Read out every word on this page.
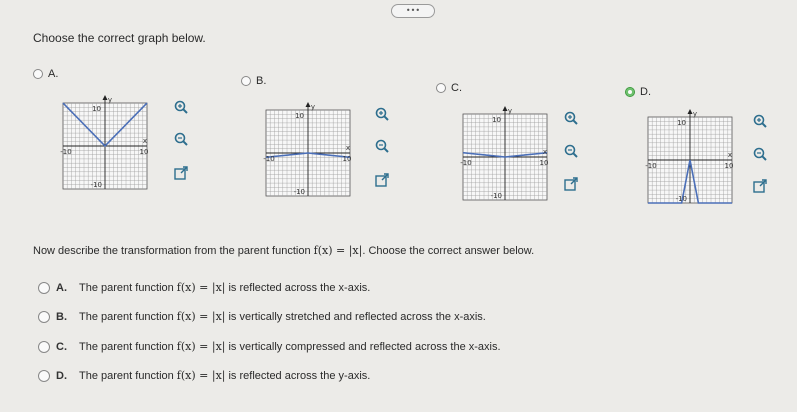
•••
Choose the correct graph below.
A.
B.
C.	D.
10
-10
-10	10
x
y
10
-10
-10	10
x
y
10
-10
-10	10
x
y
10
-10
-10	10
x
y
Now describe the transformation from the parent function f(x) = |x|. Choose the correct answer below.
A. The parent function f(x) = |x| is reflected across the x-axis.
B. The parent function f(x) = |x| is vertically stretched and reflected across the x-axis.
C. The parent function f(x) = |x| is vertically compressed and reflected across the x-axis.
D. The parent function f(x) = |x| is reflected across the y-axis.
